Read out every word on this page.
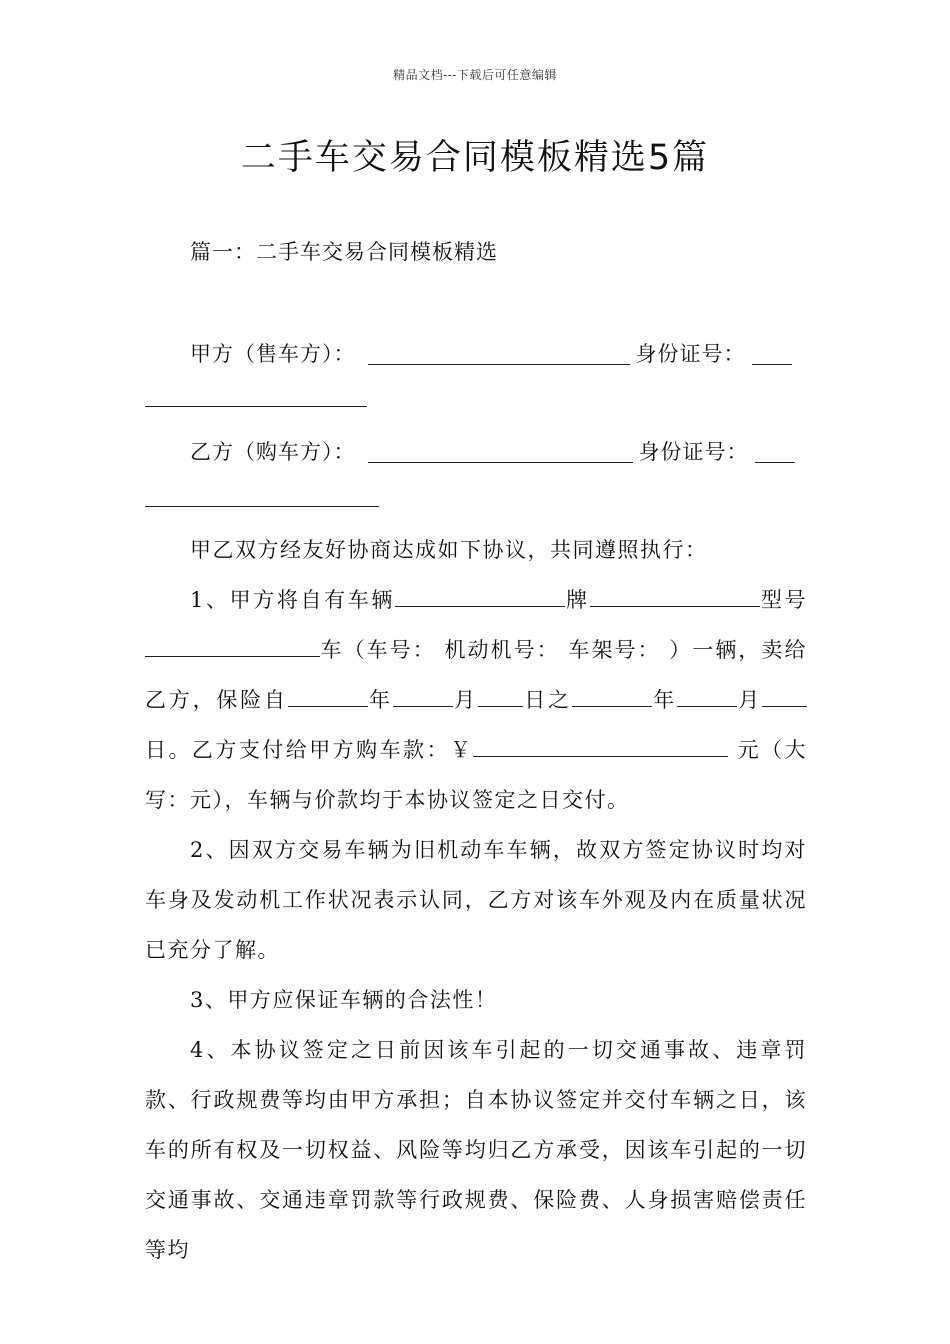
精品文档---下载后可任意编辑
二手车交易合同模板精选5篇
篇一：二手车交易合同模板精选
甲方（售车方）：	身份证号：
乙方（购车方）：	身份证号：

甲乙双方经友好协商达成如下协议，共同遵照执行：

1、甲方将自有车辆	牌	型号车（车号： 机动机号： 车架号： ）一辆，卖给乙方，保险自	年	月 日之	年	月日。乙方支付给甲方购车款：￥	元（大写：元），车辆与价款均于本协议签定之日交付。

2、因双方交易车辆为旧机动车车辆，故双方签定协议时均对车身及发动机工作状况表示认同，乙方对该车外观及内在质量状况已充分了解。

3、甲方应保证车辆的合法性！

4、本协议签定之日前因该车引起的一切交通事故、违章罚款、行政规费等均由甲方承担；自本协议签定并交付车辆之日，该车的所有权及一切权益、风险等均归乙方承受，因该车引起的一切交通事故、交通违章罚款等行政规费、保险费、人身损害赔偿责任等均
